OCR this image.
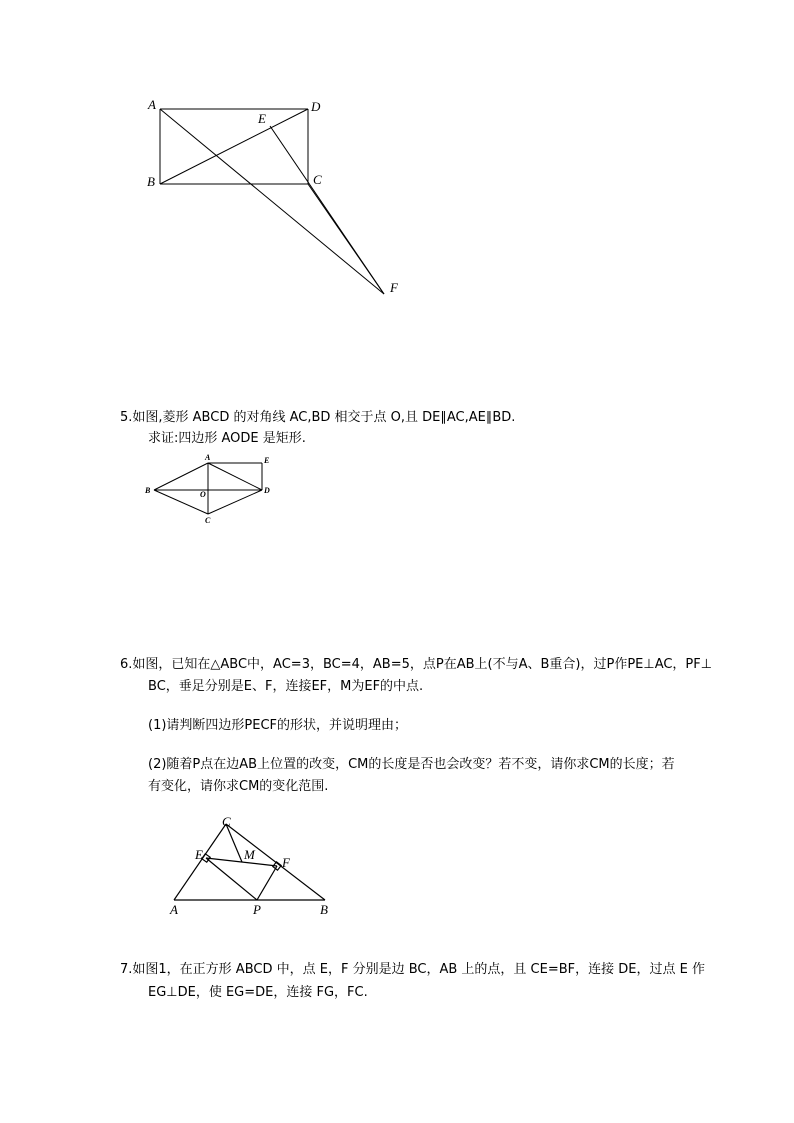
A
B	C
D
E
F
5.如图,菱形 ABCD 的对角线 AC,BD 相交于点 O,且 DE∥AC,AE∥BD.
求证:四边形 AODE 是矩形.
A
B
C
D
E
O
6.如图，已知在△ABC中，AC=3，BC=4，AB=5，点P在AB上(不与A、B重合)，过P作PE⊥AC，PF⊥
BC，垂足分别是E、F，连接EF，M为EF的中点.
(1)请判断四边形PECF的形状，并说明理由；
(2)随着P点在边AB上位置的改变，CM的长度是否也会改变？若不变，请你求CM的长度；若
有变化，请你求CM的变化范围.
C
E	M
F
A	P	B
7.如图1，在正方形 ABCD 中，点 E，F 分别是边 BC，AB 上的点，且 CE=BF，连接 DE，过点 E 作
EG⊥DE，使 EG=DE，连接 FG，FC.
